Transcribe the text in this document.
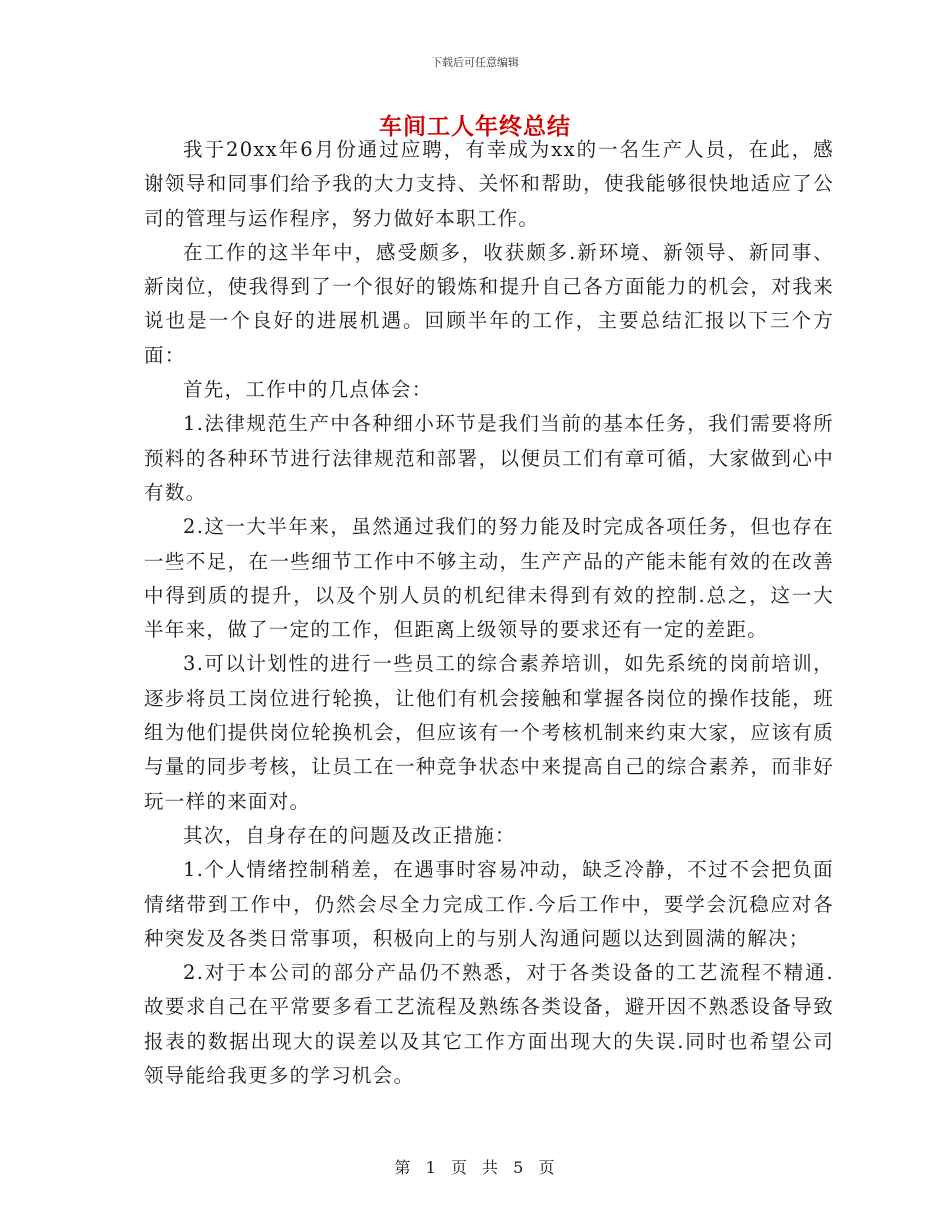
下载后可任意编辑
车间工人年终总结

我于20xx年6月份通过应聘，有幸成为xx的一名生产人员，在此，感谢领导和同事们给予我的大力支持、关怀和帮助，使我能够很快地适应了公司的管理与运作程序，努力做好本职工作。

在工作的这半年中，感受颇多，收获颇多.新环境、新领导、新同事、新岗位，使我得到了一个很好的锻炼和提升自己各方面能力的机会，对我来说也是一个良好的进展机遇。回顾半年的工作，主要总结汇报以下三个方面：

首先，工作中的几点体会：

1.法律规范生产中各种细小环节是我们当前的基本任务，我们需要将所预料的各种环节进行法律规范和部署，以便员工们有章可循，大家做到心中有数。

2.这一大半年来，虽然通过我们的努力能及时完成各项任务，但也存在一些不足，在一些细节工作中不够主动，生产产品的产能未能有效的在改善中得到质的提升，以及个别人员的机纪律未得到有效的控制.总之，这一大半年来，做了一定的工作，但距离上级领导的要求还有一定的差距。

3.可以计划性的进行一些员工的综合素养培训，如先系统的岗前培训，逐步将员工岗位进行轮换，让他们有机会接触和掌握各岗位的操作技能，班组为他们提供岗位轮换机会，但应该有一个考核机制来约束大家，应该有质与量的同步考核，让员工在一种竞争状态中来提高自己的综合素养，而非好玩一样的来面对。

其次，自身存在的问题及改正措施：

1.个人情绪控制稍差，在遇事时容易冲动，缺乏冷静，不过不会把负面情绪带到工作中，仍然会尽全力完成工作.今后工作中，要学会沉稳应对各种突发及各类日常事项，积极向上的与别人沟通问题以达到圆满的解决；

2.对于本公司的部分产品仍不熟悉，对于各类设备的工艺流程不精通.故要求自己在平常要多看工艺流程及熟练各类设备，避开因不熟悉设备导致报表的数据出现大的误差以及其它工作方面出现大的失误.同时也希望公司领导能给我更多的学习机会。

第 1 页 共 5 页
